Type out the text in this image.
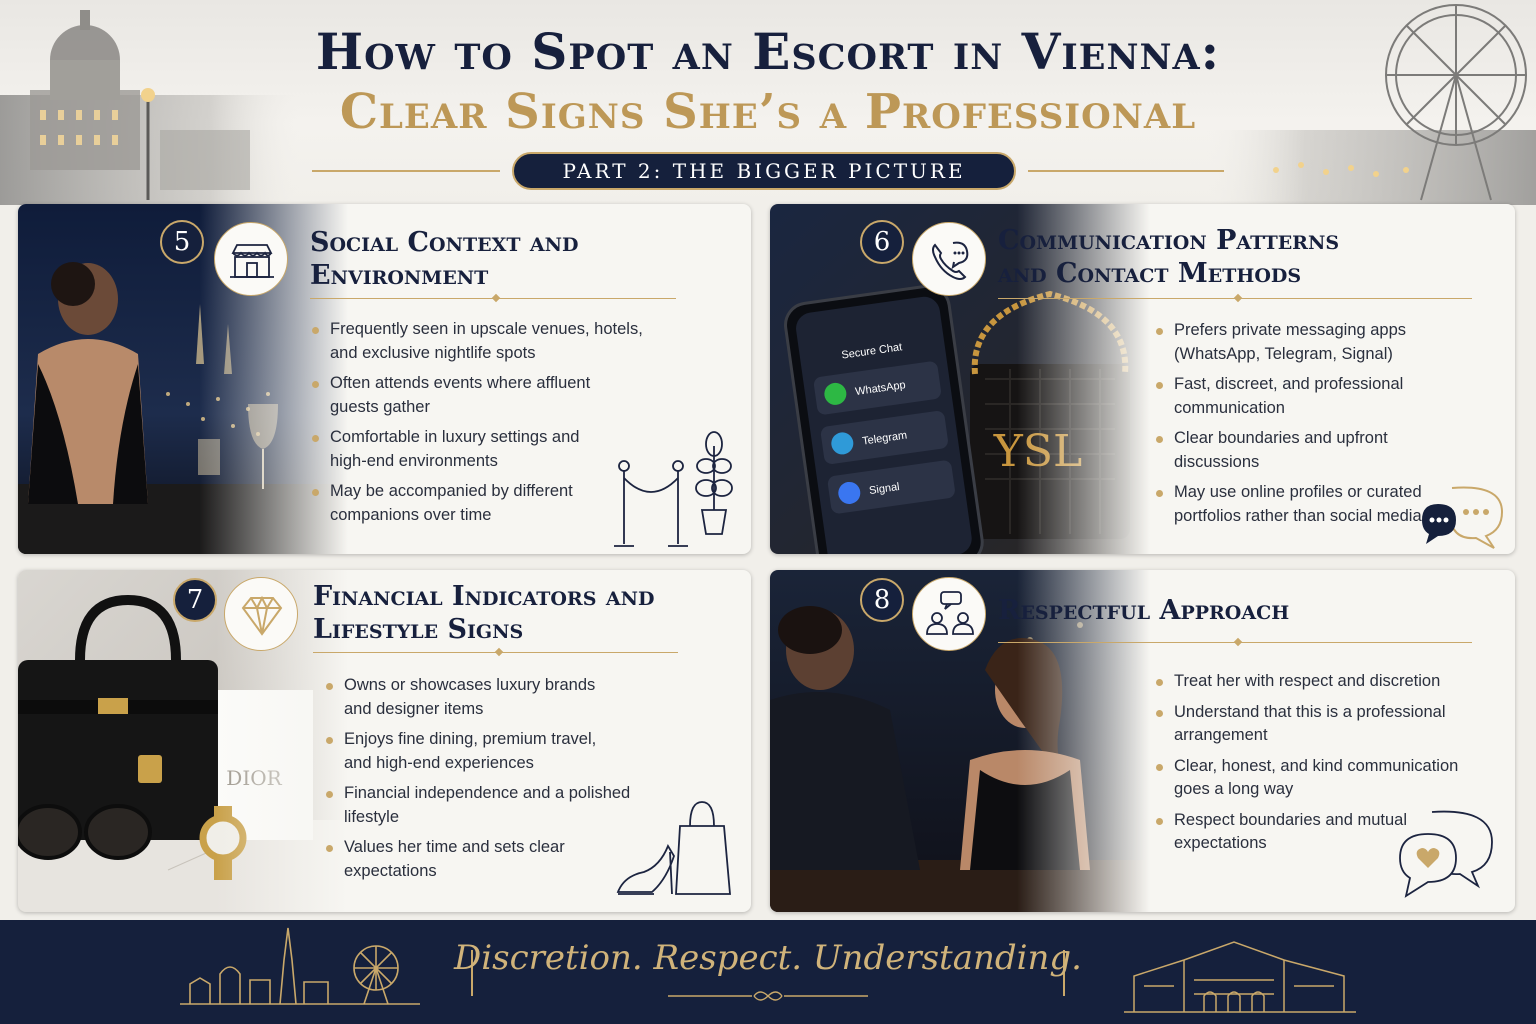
How to Spot an Escort in Vienna:
Clear Signs She’s a Professional
PART 2: THE BIGGER PICTURE
5	Social Context and
Environment
Frequently seen in upscale venues, hotels,
and exclusive nightlife spots
Often attends events where affluent
guests gather
Comfortable in luxury settings and
high-end environments
May be accompanied by different
companions over time
6	Communication Patterns
and Contact Methods
Prefers private messaging apps
(WhatsApp, Telegram, Signal)
Fast, discreet, and professional
communication
Clear boundaries and upfront
discussions
May use online profiles or curated
portfolios rather than social media
7	Financial Indicators and
Lifestyle Signs
Owns or showcases luxury brands
and designer items
Enjoys fine dining, premium travel,
and high-end experiences
Financial independence and a polished
lifestyle
Values her time and sets clear
expectations
8	Respectful Approach
Treat her with respect and discretion
Understand that this is a professional
arrangement
Clear, honest, and kind communication
goes a long way
Respect boundaries and mutual
expectations
Discretion. Respect. Understanding.
